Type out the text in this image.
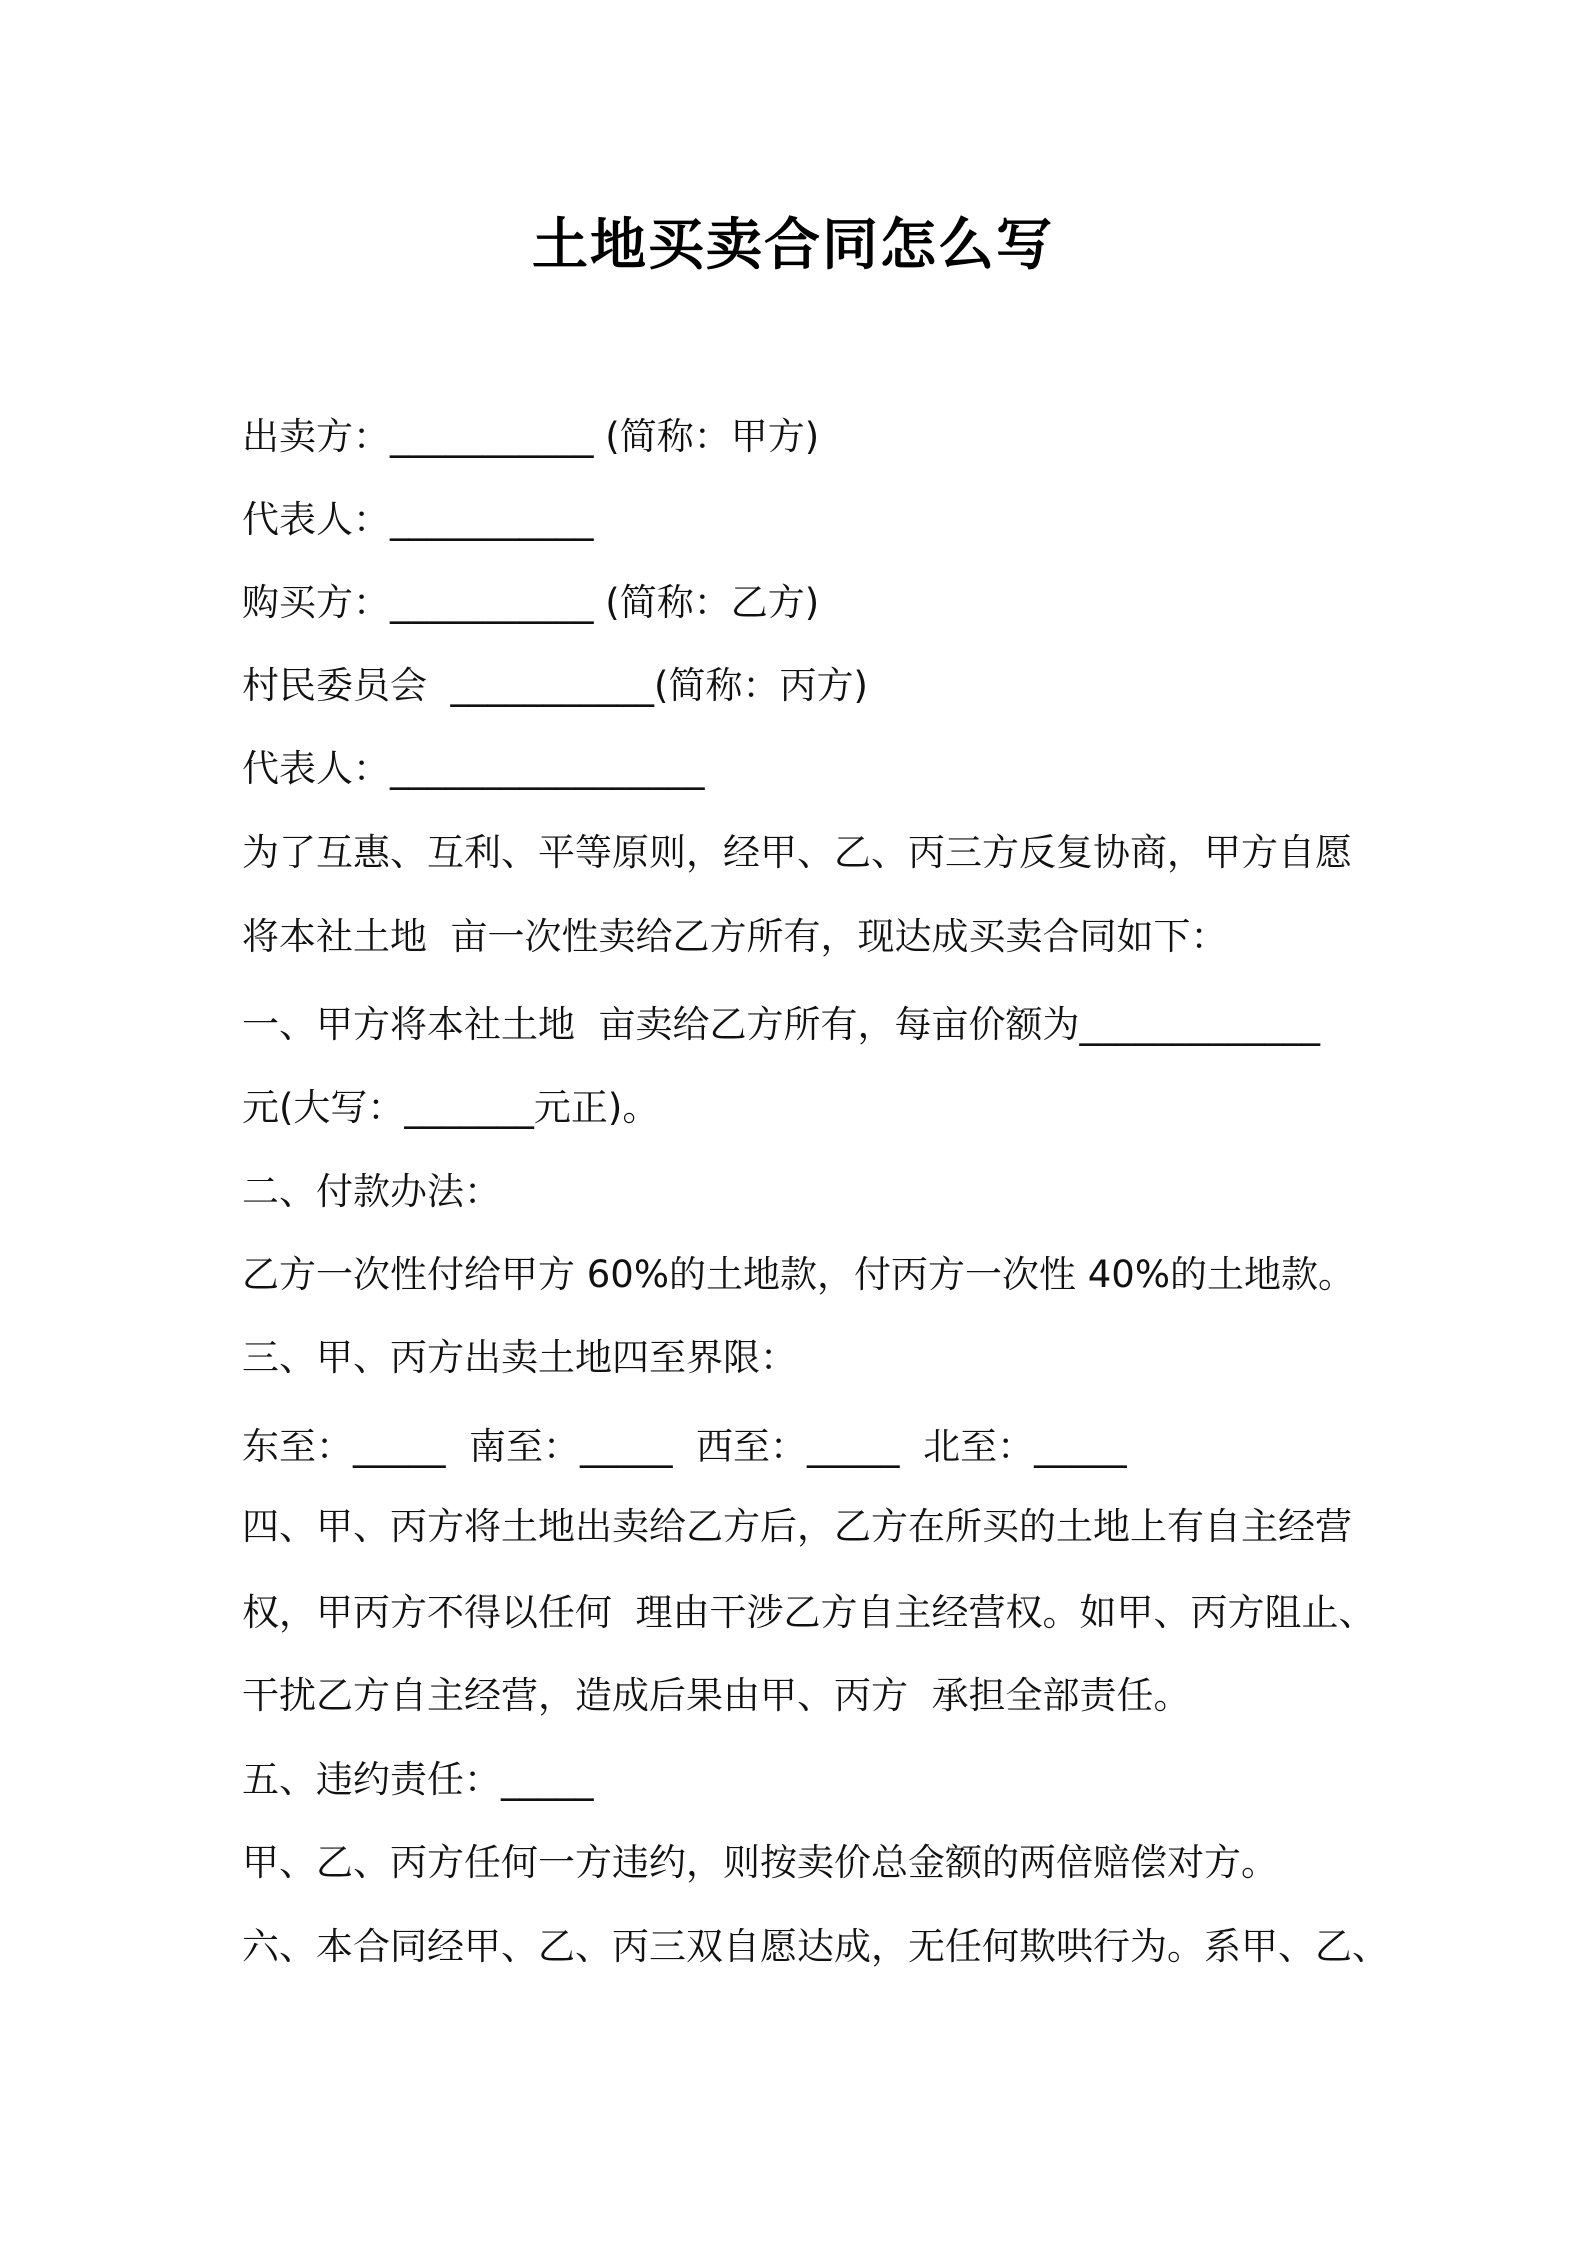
土地买卖合同怎么写
出卖方：___________ (简称：甲方)
代表人：___________
购买方：___________ (简称：乙方)
村民委员会  ___________(简称：丙方)
代表人：_________________
为了互惠、互利、平等原则，经甲、乙、丙三方反复协商，甲方自愿
将本社土地  亩一次性卖给乙方所有，现达成买卖合同如下：
一、甲方将本社土地  亩卖给乙方所有，每亩价额为_____________
元(大写：_______元正)。
二、付款办法：
乙方一次性付给甲方 60%的土地款，付丙方一次性 40%的土地款。
三、甲、丙方出卖土地四至界限：
东至：_____  南至：_____  西至：_____  北至：_____
四、甲、丙方将土地出卖给乙方后，乙方在所买的土地上有自主经营
权，甲丙方不得以任何  理由干涉乙方自主经营权。如甲、丙方阻止、
干扰乙方自主经营，造成后果由甲、丙方  承担全部责任。
五、违约责任：_____
甲、乙、丙方任何一方违约，则按卖价总金额的两倍赔偿对方。
六、本合同经甲、乙、丙三双自愿达成，无任何欺哄行为。系甲、乙、
